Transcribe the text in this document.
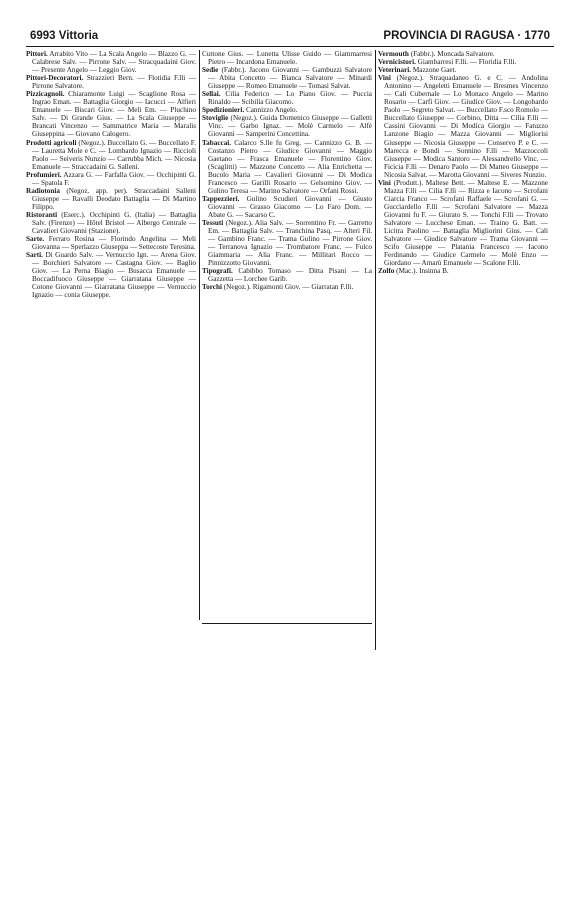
6993 Vittoria	PROVINCIA DI RAGUSA · 1770

Pittori. Arrabito Vito — La Scala Angelo — Blazzo G. — Calabrese Salv. — Pirrone Salv. — Stracquadaini Giov. — Presente Angelo — Leggio Giov.

Pittori-Decoratori. Strazzieri Bern. — Flotidia F.lli — Pirrone Salvatore.

Pizzicagnoli. Chiaramonte Luigi — Scaglione Rosa — Ingrao Eman. — Battaglia Giorgio — Iacucci — Alfieri Emanuele — Biscari Giov. — Meli Em. — Pluchino Salv. — Di Grande Gius. — La Scala Giuseppe — Brancati Vincenzo — Sammatrice Maria — Maralis Giuseppina — Giovano Calogero.

Prodotti agricoli (Negoz.). Buccellato G. — Buccellato F. — Lauretta Mole e C. — Lombardo Ignazio — Riccioli Paolo — Seiveris Nunzio — Carrubba Mich. — Nicosia Emanuele — Straccadaini G. Salleni.

Profumieri. Azzara G. — Farfalla Giov. — Occhipinti G. — Spatola F.

Radiotonia (Negoz. app. per). Straccadaini Salleni Giuseppe — Ravalli Deodato Battaglia — Di Martino Filippo.

Ristoranti (Eserc.). Occhipinti G. (Italia) — Battaglia Salv. (Firenze) — Hôtel Bristol — Albergo Centrale — Cavalieri Giovanni (Stazione).

Sarte. Ferraro Rosina — Florindo Angelina — Meli Giovanna — Sperlazzo Giuseppa — Settecoste Teresina.

Sarti. Di Guardo Salv. — Vernuccio Ign. — Arena Giov. — Borchieri Salvatore — Castagna Giov. — Baglio Giov. — La Perna Biagio — Busacca Emanuele — Boccadifuoco Giuseppe — Giarratana Giuseppe — Cotone Giovanni — Giarratana Giuseppe — Vernuccio Ignazio — conia Giuseppe.

Cuttone Gius. — Lunetta Ulisse Guido — Giammarresi Pietro — Incardona Emanuele.

Sedie (Fabbr.). Jacono Giovanni — Gambuzzi Salvatore — Abita Concetto — Bianca Salvatore — Minardi Giuseppe — Romeo Emanuele — Tomasi Salvat.

Sellai. Cilia Federico — Lo Piano Giov. — Puccia Rinaldo — Scibilia Giacomo.

Spedizionieri. Cannizzo Angelo.

Stoviglie (Negoz.). Guida Domenico Giuseppe — Galletti Vinc. — Garbo Ignaz. — Molè Carmelo — Alfè Giovanni — Samperini Concettina.

Tabaccai. Calarco S.lle fu Greg. — Cannizzo G. B. — Costanzo Pietro — Giudice Giovanni — Maggio Gaetano — Frasca Emanuele — Florentino Giov. (Scaglitti) — Mazzone Concetto — Alia Enrichetta — Bucolo Maria — Cavalieri Giovanni — Di Modica Francesco — Garilli Rosario — Gelsomino Giov. — Gulino Teresa — Marino Salvatore — Orfani Rossi.

Tappezzieri. Gulino Scudieri Giovanni — Giusto Giovanni — Grasso Giacomo — Lo Faro Dom. — Abate G. — Sacarso C.

Tessuti (Negoz.). Alia Salv. — Sorrentino Fr. — Garretto Em. — Battaglia Salv. — Tranchina Pasq. — Alteri Fil. — Gambino Franc. — Trama Gulino — Pirrone Giov. — Terranova Ignazio — Trombatore Franc. — Fulco Giammaria — Alia Franc. — Millitari Rocco — Pinnizzotto Giovanni.

Tipografi. Cabibbo Tomaso — Ditta Pisani — La Gazzetta — Lorchee Garib.

Torchi (Negoz.). Rigamonti Giov. — Giarratan F.lli.

Vermouth (Fabbr.). Moncada Salvatore.

Vernicistori. Giambarresi F.lli. — Floridia F.lli.

Veterinari. Mazzone Gaet.

Vini (Negoz.). Straquadaneo G. e C. — Andolina Antonino — Angeletti Emanuele — Bresmes Vincenzo — Cali Cubernale — Lo Monaco Angelo — Marino Rosario — Carfì Giov. — Giudice Giov. — Longobardo Paolo — Segreto Salvat. — Buccellato F.sco Romolo — Buccellato Giuseppe — Corbino, Ditta — Cilia F.lli — Cassini Giovanni — Di Modica Giorgio — Fatuzzo Lanzone Biagio — Mazza Giovanni — Migliorisi Giuseppe — Nicosia Giuseppe — Conservo P. e C. — Marecca e Bondi — Sonnino F.lli — Mazzoccoli Giuseppe — Modica Santoro — Alessandrello Vinc. — Ficicia F.lli — Denaro Paolo — Di Matteo Giuseppe — Nicosia Salvat. — Marotta Giovanni — Siveres Nunzio.

Vini (Produtt.). Maltese Bett. — Maltese E. — Mazzone Mazza F.lli — Cilia F.lli — Rizza e Iacono — Scrofani Ciarcia Franco — Scrofani Raffaele — Scrofani G. — Guccìardello F.lli — Scrofani Salvatore — Mazza Giovanni fu F. — Giurato S. — Tonchi F.lli — Trovato Salvatore — Lucchese Eman. — Traino G. Batt. — Licitra Paolino — Battaglia Migliorini Gius. — Cali Salvatore — Giudice Salvatore — Trama Giovanni — Scifo Giuseppe — Platania Francesco — Iacono Ferdinando — Giudice Carmelo — Molè Enzo — Giordano — Amarù Emanuele — Scalone F.lli.

Zolfo (Mac.). Insinna B.
